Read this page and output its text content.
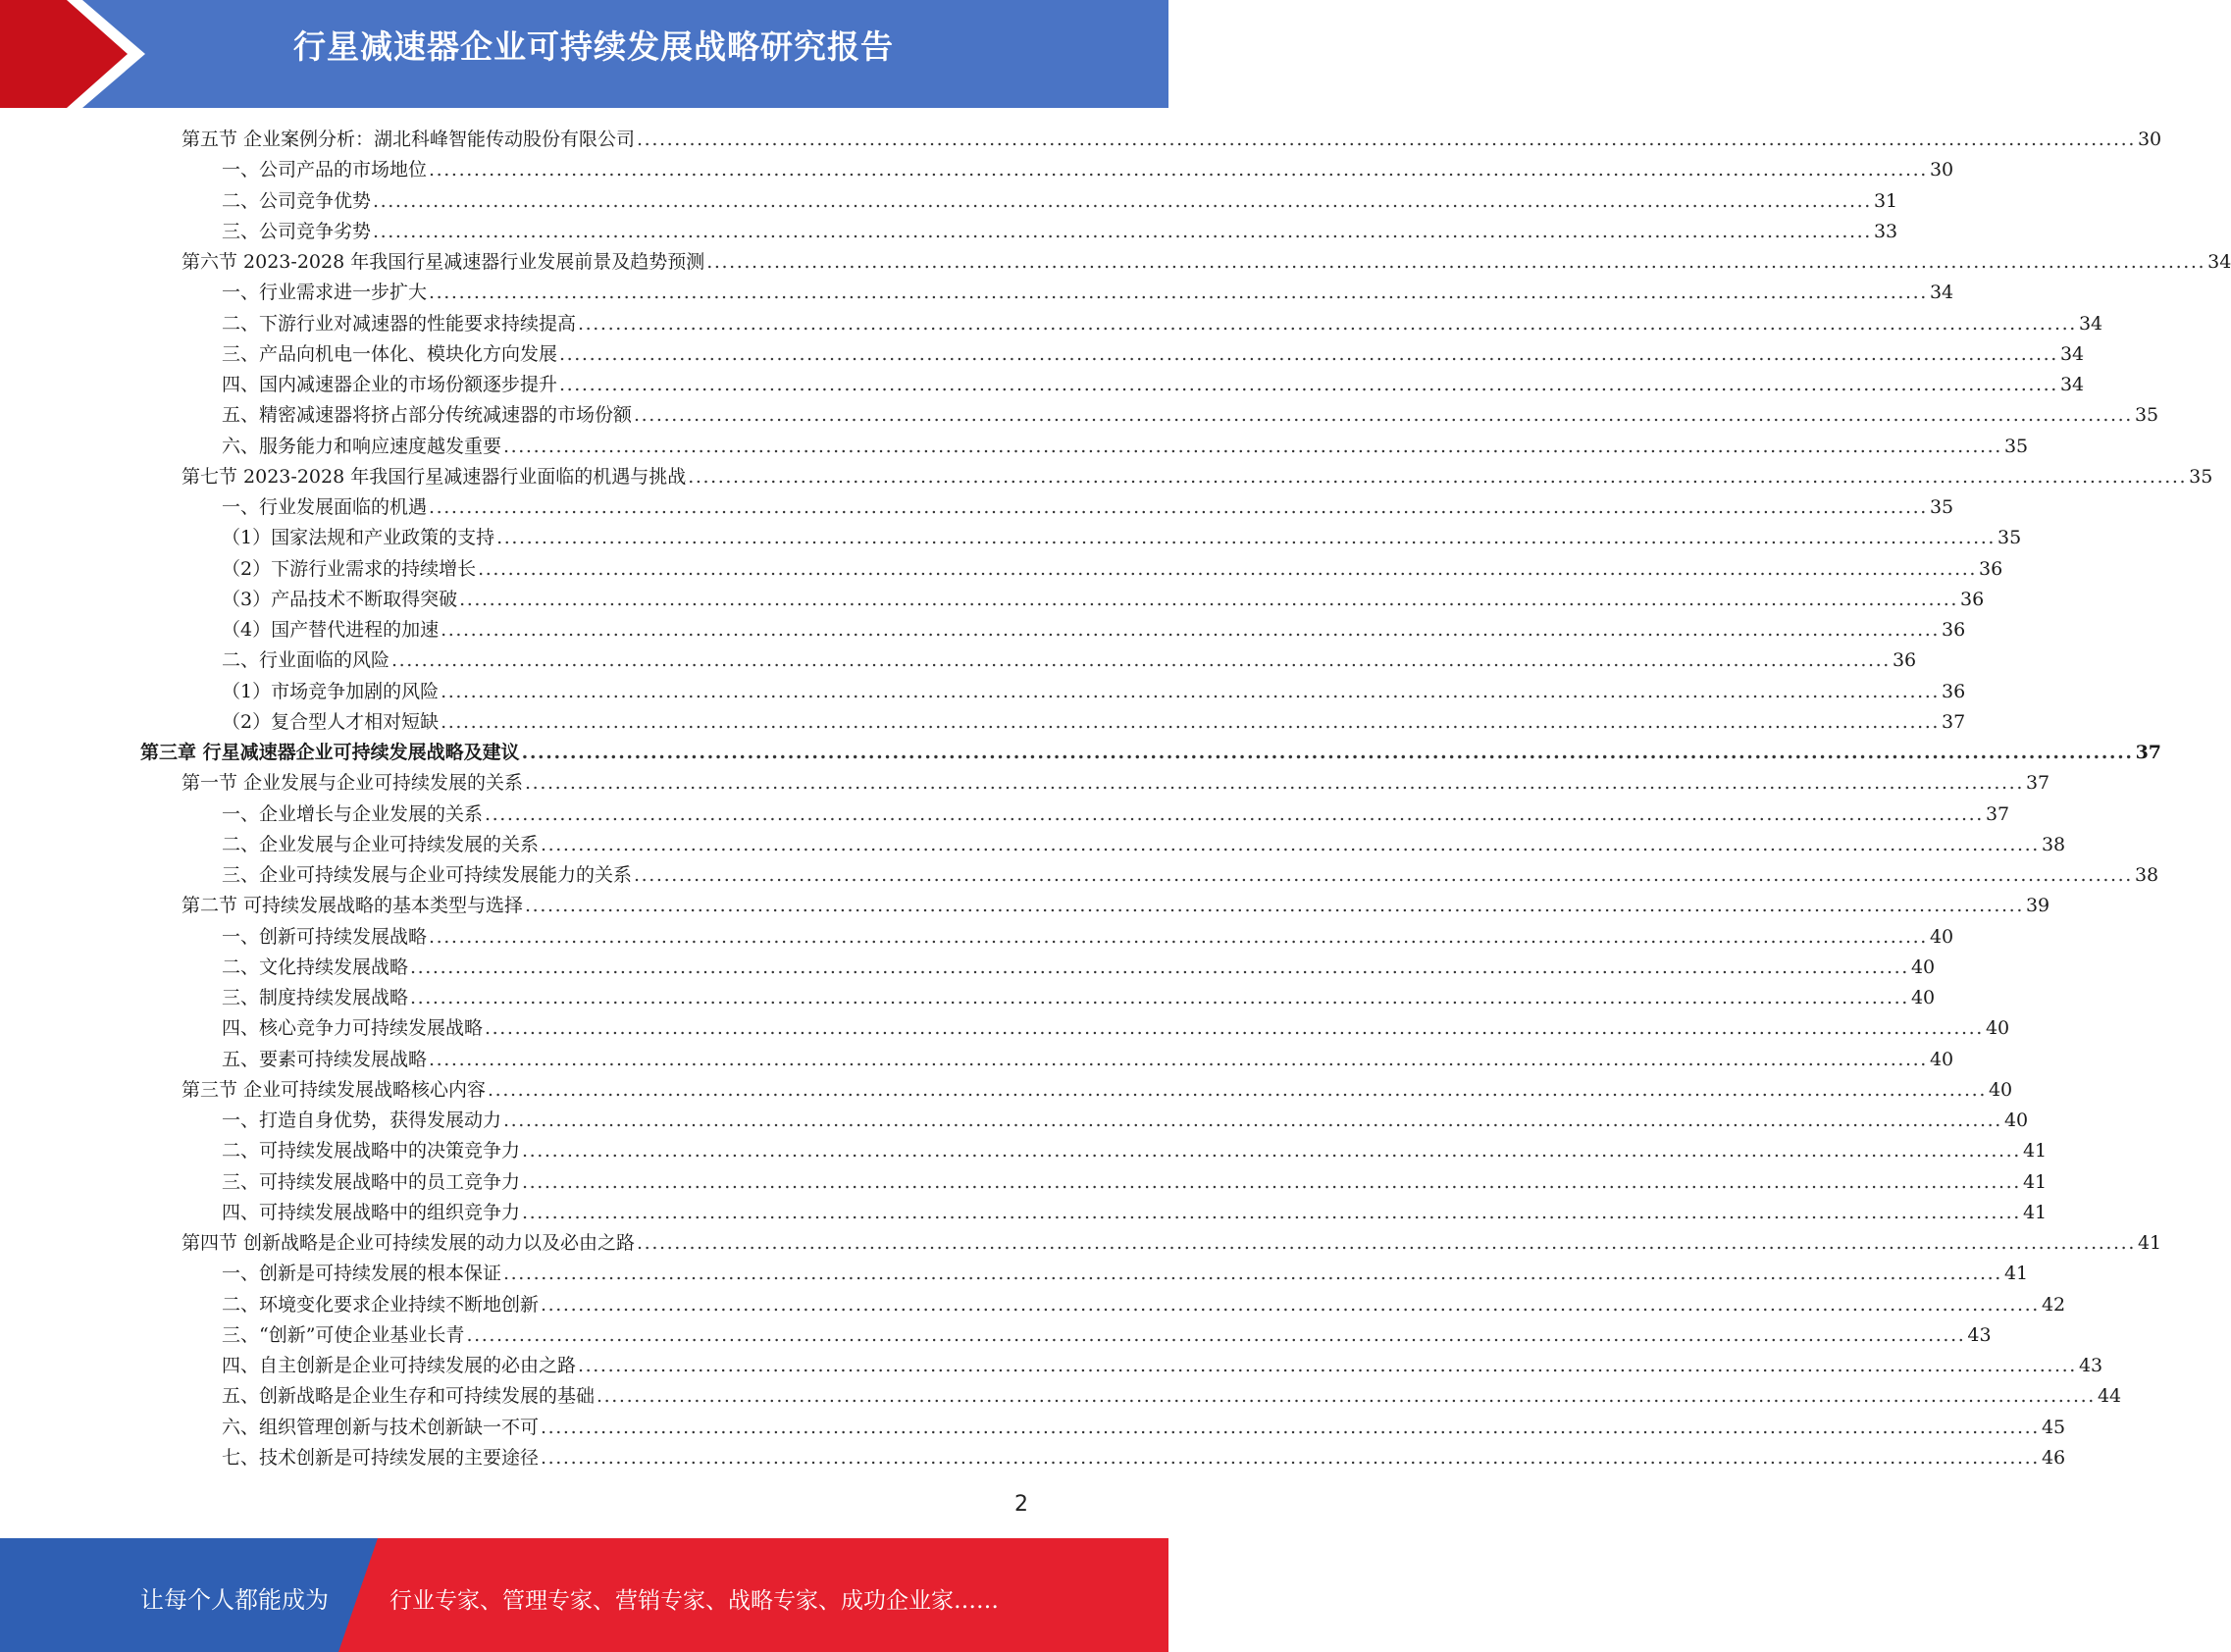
行星减速器企业可持续发展战略研究报告
第五节 企业案例分析：湖北科峰智能传动股份有限公司 ........................................................................................................................................................................................................ 30
一、公司产品的市场地位 ........................................................................................................................................................................................................ 30
二、公司竞争优势 ........................................................................................................................................................................................................ 31
三、公司竞争劣势 ........................................................................................................................................................................................................ 33
第六节 2023-2028 年我国行星减速器行业发展前景及趋势预测 ........................................................................................................................................................................................................ 34
一、行业需求进一步扩大 ........................................................................................................................................................................................................ 34
二、下游行业对减速器的性能要求持续提高 ........................................................................................................................................................................................................ 34
三、产品向机电一体化、模块化方向发展 ........................................................................................................................................................................................................ 34
四、国内减速器企业的市场份额逐步提升 ........................................................................................................................................................................................................ 34
五、精密减速器将挤占部分传统减速器的市场份额 ........................................................................................................................................................................................................ 35
六、服务能力和响应速度越发重要 ........................................................................................................................................................................................................ 35
第七节 2023-2028 年我国行星减速器行业面临的机遇与挑战 ........................................................................................................................................................................................................ 35
一、行业发展面临的机遇 ........................................................................................................................................................................................................ 35
（1）国家法规和产业政策的支持 ........................................................................................................................................................................................................ 35
（2）下游行业需求的持续增长 ........................................................................................................................................................................................................ 36
（3）产品技术不断取得突破 ........................................................................................................................................................................................................ 36
（4）国产替代进程的加速 ........................................................................................................................................................................................................ 36
二、行业面临的风险 ........................................................................................................................................................................................................ 36
（1）市场竞争加剧的风险 ........................................................................................................................................................................................................ 36
（2）复合型人才相对短缺 ........................................................................................................................................................................................................ 37
第三章 行星减速器企业可持续发展战略及建议 ........................................................................................................................................................................................................ 37
第一节 企业发展与企业可持续发展的关系 ........................................................................................................................................................................................................ 37
一、企业增长与企业发展的关系 ........................................................................................................................................................................................................ 37
二、企业发展与企业可持续发展的关系 ........................................................................................................................................................................................................ 38
三、企业可持续发展与企业可持续发展能力的关系 ........................................................................................................................................................................................................ 38
第二节 可持续发展战略的基本类型与选择 ........................................................................................................................................................................................................ 39
一、创新可持续发展战略 ........................................................................................................................................................................................................ 40
二、文化持续发展战略 ........................................................................................................................................................................................................ 40
三、制度持续发展战略 ........................................................................................................................................................................................................ 40
四、核心竞争力可持续发展战略 ........................................................................................................................................................................................................ 40
五、要素可持续发展战略 ........................................................................................................................................................................................................ 40
第三节 企业可持续发展战略核心内容 ........................................................................................................................................................................................................ 40
一、打造自身优势，获得发展动力 ........................................................................................................................................................................................................ 40
二、可持续发展战略中的决策竞争力 ........................................................................................................................................................................................................ 41
三、可持续发展战略中的员工竞争力 ........................................................................................................................................................................................................ 41
四、可持续发展战略中的组织竞争力 ........................................................................................................................................................................................................ 41
第四节 创新战略是企业可持续发展的动力以及必由之路 ........................................................................................................................................................................................................ 41
一、创新是可持续发展的根本保证 ........................................................................................................................................................................................................ 41
二、环境变化要求企业持续不断地创新 ........................................................................................................................................................................................................ 42
三、“创新”可使企业基业长青 ........................................................................................................................................................................................................ 43
四、自主创新是企业可持续发展的必由之路 ........................................................................................................................................................................................................ 43
五、创新战略是企业生存和可持续发展的基础 ........................................................................................................................................................................................................ 44
六、组织管理创新与技术创新缺一不可 ........................................................................................................................................................................................................ 45
七、技术创新是可持续发展的主要途径 ........................................................................................................................................................................................................ 46
2
让每个人都能成为	行业专家、管理专家、营销专家、战略专家、成功企业家……
